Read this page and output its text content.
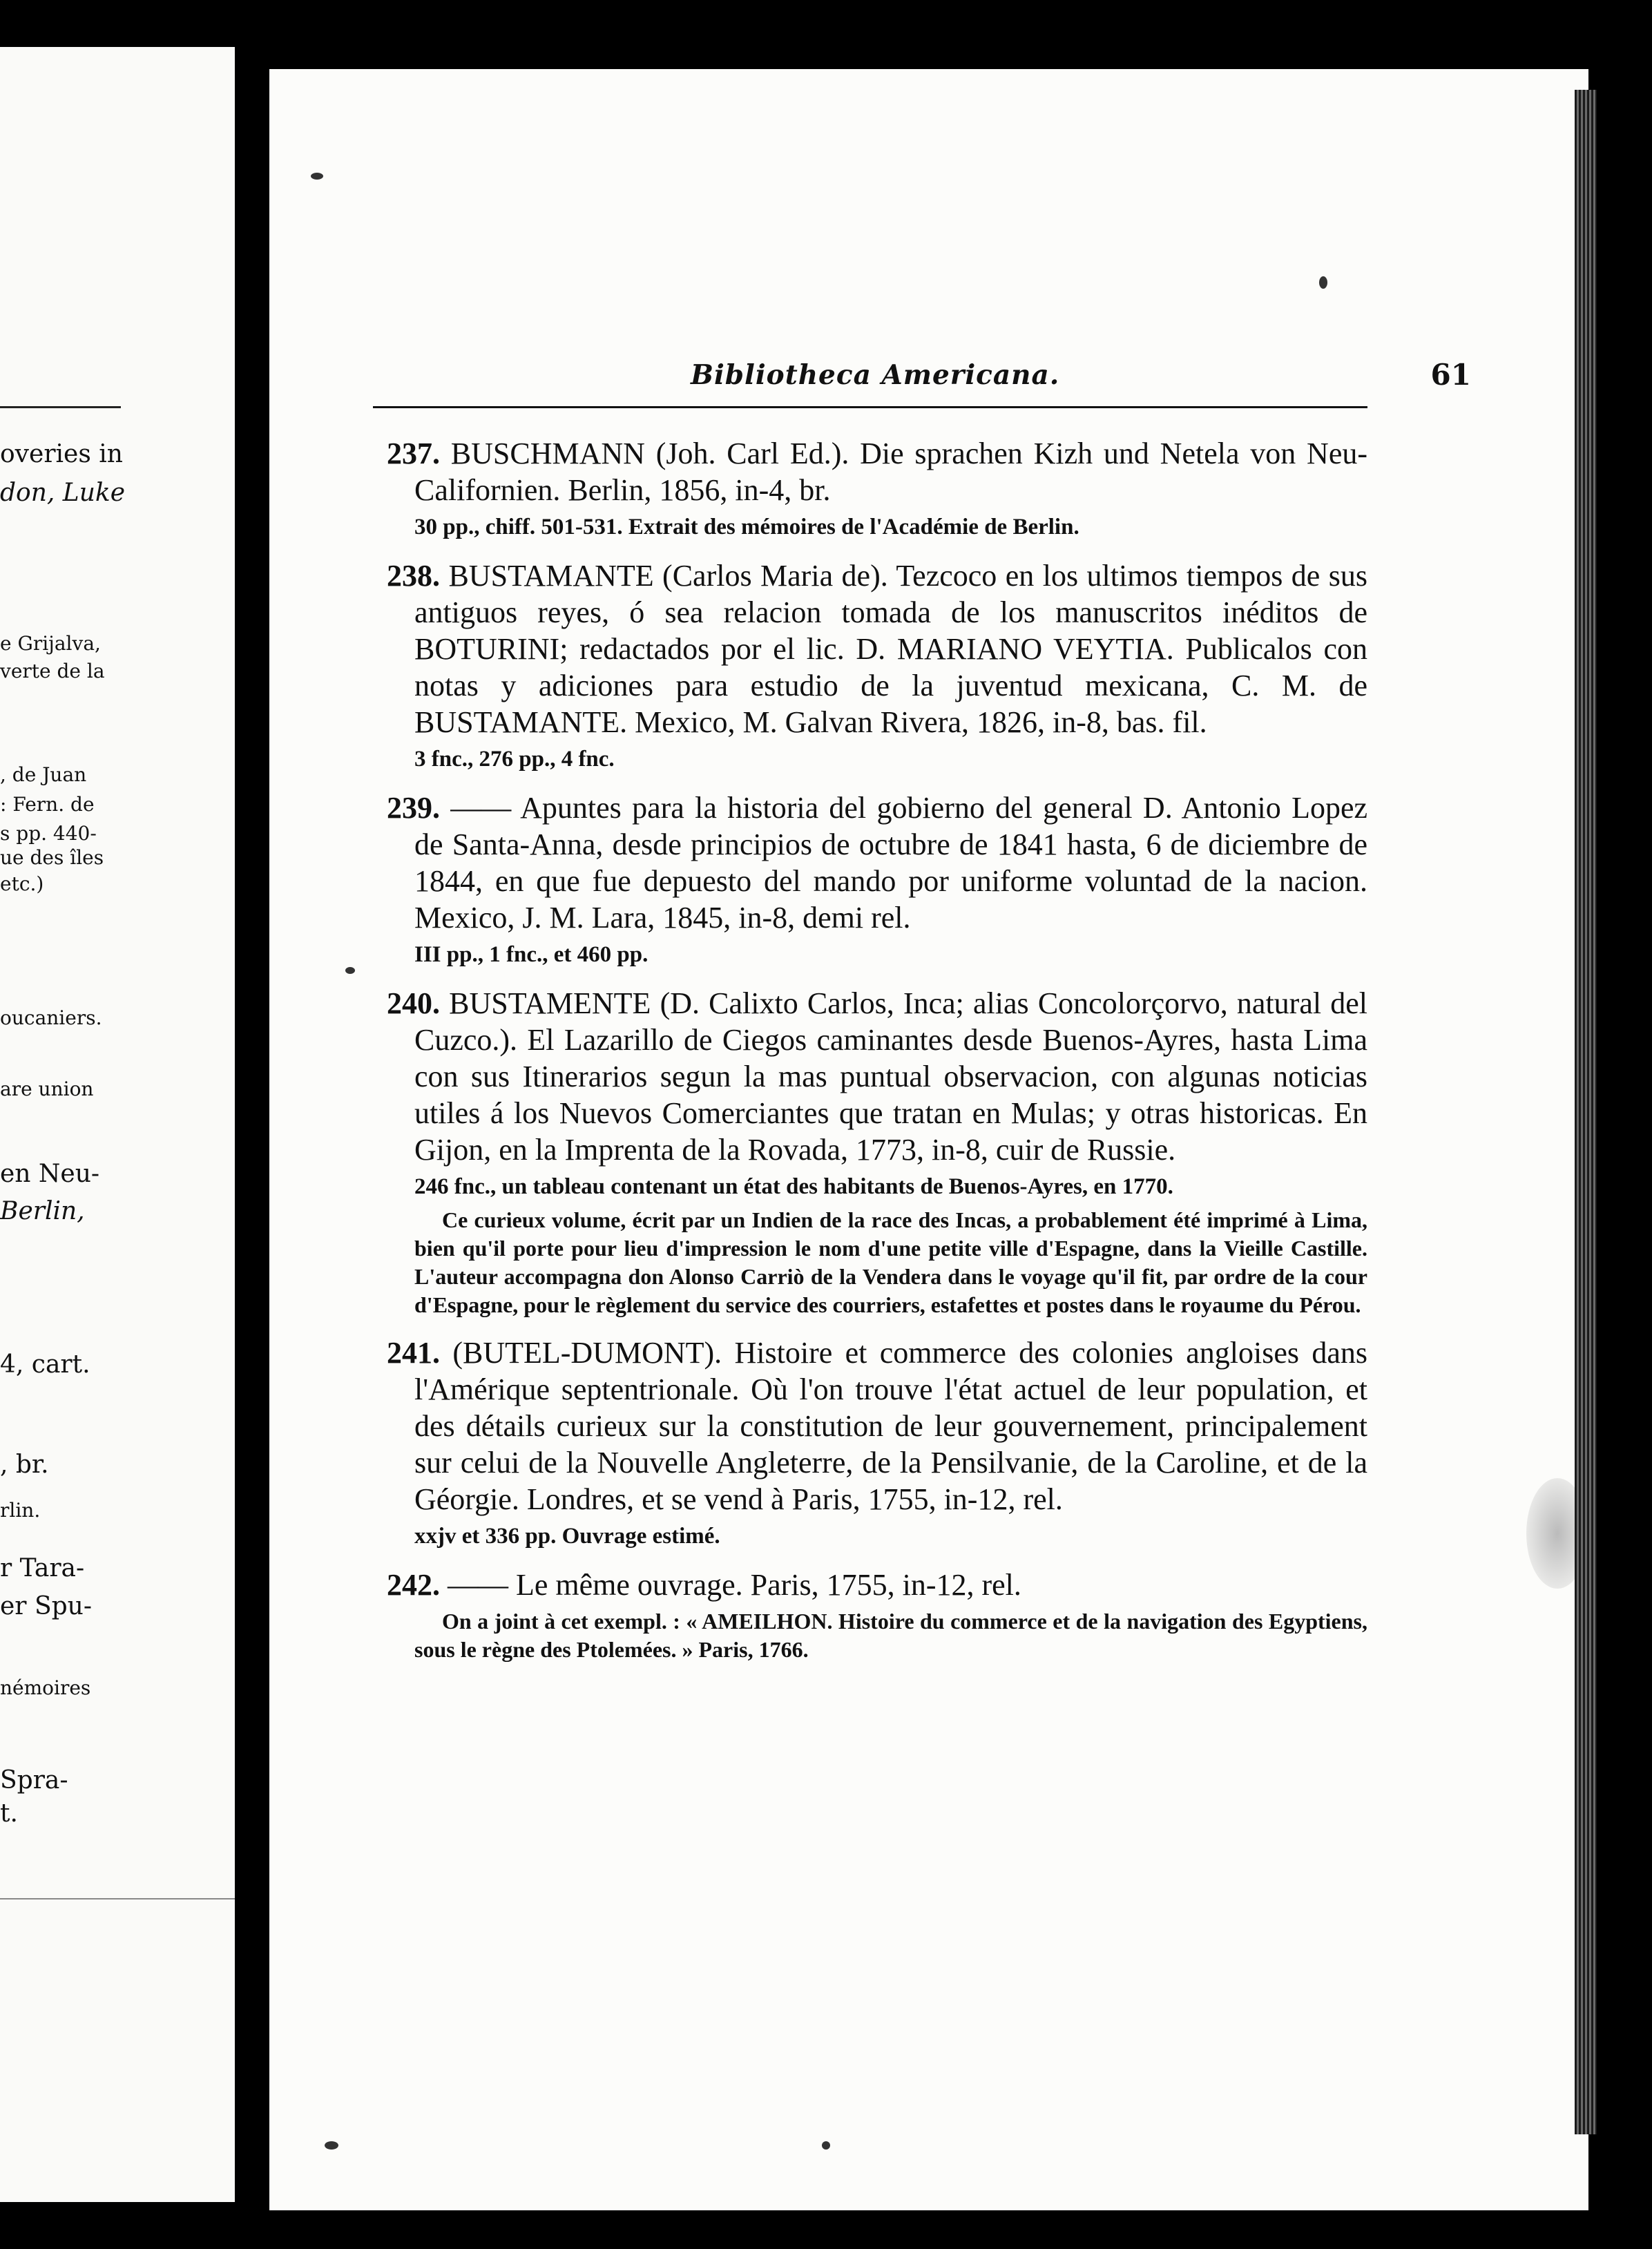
overies in
don, Luke
e Grijalva,
verte de la
, de Juan
: Fern. de
s pp. 440-
ue des îles
etc.)
oucaniers.
are union
en Neu-
Berlin,
4, cart.
, br.
rlin.
r Tara-
er Spu-
némoires
Spra-
t.
Bibliotheca Americana.	61

237. BUSCHMANN (Joh. Carl Ed.). Die sprachen Kizh und Netela von Neu-Californien. Berlin, 1856, in-4, br.

30 pp., chiff. 501-531. Extrait des mémoires de l'Académie de Berlin.

238. BUSTAMANTE (Carlos Maria de). Tezcoco en los ultimos tiempos de sus antiguos reyes, ó sea relacion tomada de los manuscritos inéditos de BOTURINI; redactados por el lic. D. MARIANO VEYTIA. Publicalos con notas y adiciones para estudio de la juventud mexicana, C. M. de BUSTAMANTE. Mexico, M. Galvan Rivera, 1826, in-8, bas. fil.

3 fnc., 276 pp., 4 fnc.

239. —— Apuntes para la historia del gobierno del general D. Antonio Lopez de Santa-Anna, desde principios de octubre de 1841 hasta, 6 de diciembre de 1844, en que fue depuesto del mando por uniforme voluntad de la nacion. Mexico, J. M. Lara, 1845, in-8, demi rel.

III pp., 1 fnc., et 460 pp.

240. BUSTAMENTE (D. Calixto Carlos, Inca; alias Concolorçorvo, natural del Cuzco.). El Lazarillo de Ciegos caminantes desde Buenos-Ayres, hasta Lima con sus Itinerarios segun la mas puntual observacion, con algunas noticias utiles á los Nuevos Comerciantes que tratan en Mulas; y otras historicas. En Gijon, en la Imprenta de la Rovada, 1773, in-8, cuir de Russie.

246 fnc., un tableau contenant un état des habitants de Buenos-Ayres, en 1770.
Ce curieux volume, écrit par un Indien de la race des Incas, a probablement été imprimé à Lima, bien qu'il porte pour lieu d'impression le nom d'une petite ville d'Espagne, dans la Vieille Castille. L'auteur accompagna don Alonso Carriò de la Vendera dans le voyage qu'il fit, par ordre de la cour d'Espagne, pour le règlement du service des courriers, estafettes et postes dans le royaume du Pérou.

241. (BUTEL-DUMONT). Histoire et commerce des colonies angloises dans l'Amérique septentrionale. Où l'on trouve l'état actuel de leur population, et des détails curieux sur la constitution de leur gouvernement, principalement sur celui de la Nouvelle Angleterre, de la Pensilvanie, de la Caroline, et de la Géorgie. Londres, et se vend à Paris, 1755, in-12, rel.

xxjv et 336 pp. Ouvrage estimé.

242. —— Le même ouvrage. Paris, 1755, in-12, rel.

On a joint à cet exempl. : « AMEILHON. Histoire du commerce et de la navigation des Egyptiens, sous le règne des Ptolemées. » Paris, 1766.
